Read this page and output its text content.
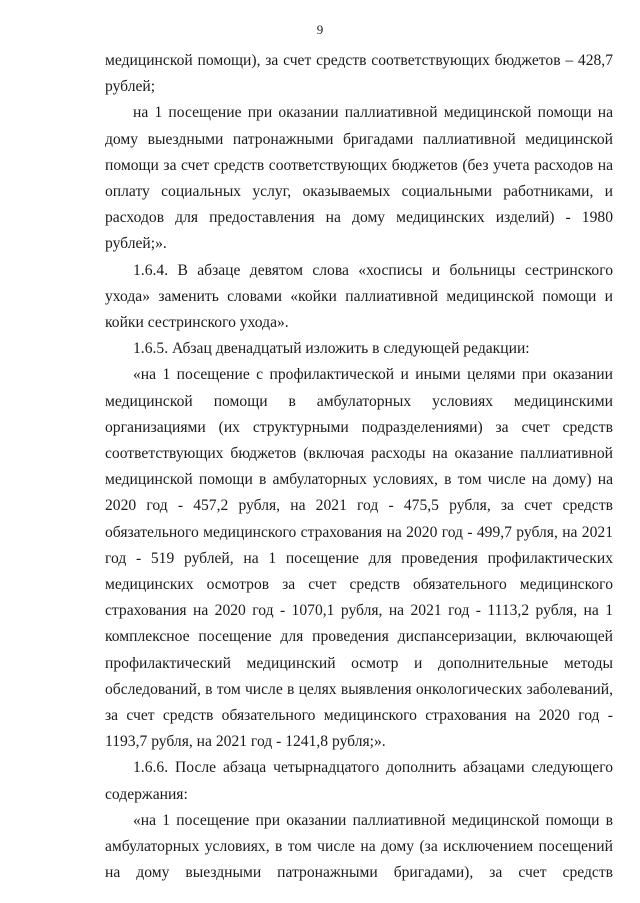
9

медицинской помощи), за счет средств соответствующих бюджетов – 428,7 рублей;

на 1 посещение при оказании паллиативной медицинской помощи на дому выездными патронажными бригадами паллиативной медицинской помощи за счет средств соответствующих бюджетов (без учета расходов на оплату социальных услуг, оказываемых социальными работниками, и расходов для предоставления на дому медицинских изделий) - 1980 рублей;».

1.6.4. В абзаце девятом слова «хосписы и больницы сестринского ухода» заменить словами «койки паллиативной медицинской помощи и койки сестринского ухода».

1.6.5. Абзац двенадцатый изложить в следующей редакции:

«на 1 посещение с профилактической и иными целями при оказании медицинской помощи в амбулаторных условиях медицинскими организациями (их структурными подразделениями) за счет средств соответствующих бюджетов (включая расходы на оказание паллиативной медицинской помощи в амбулаторных условиях, в том числе на дому) на 2020 год - 457,2 рубля, на 2021 год - 475,5 рубля, за счет средств обязательного медицинского страхования на 2020 год - 499,7 рубля, на 2021 год - 519 рублей, на 1 посещение для проведения профилактических медицинских осмотров за счет средств обязательного медицинского страхования на 2020 год - 1070,1 рубля, на 2021 год - 1113,2 рубля, на 1 комплексное посещение для проведения диспансеризации, включающей профилактический медицинский осмотр и дополнительные методы обследований, в том числе в целях выявления онкологических заболеваний, за счет средств обязательного медицинского страхования на 2020 год - 1193,7 рубля, на 2021 год - 1241,8 рубля;».

1.6.6. После абзаца четырнадцатого дополнить абзацами следующего содержания:

«на 1 посещение при оказании паллиативной медицинской помощи в амбулаторных условиях, в том числе на дому (за исключением посещений на дому выездными патронажными бригадами), за счет средств
